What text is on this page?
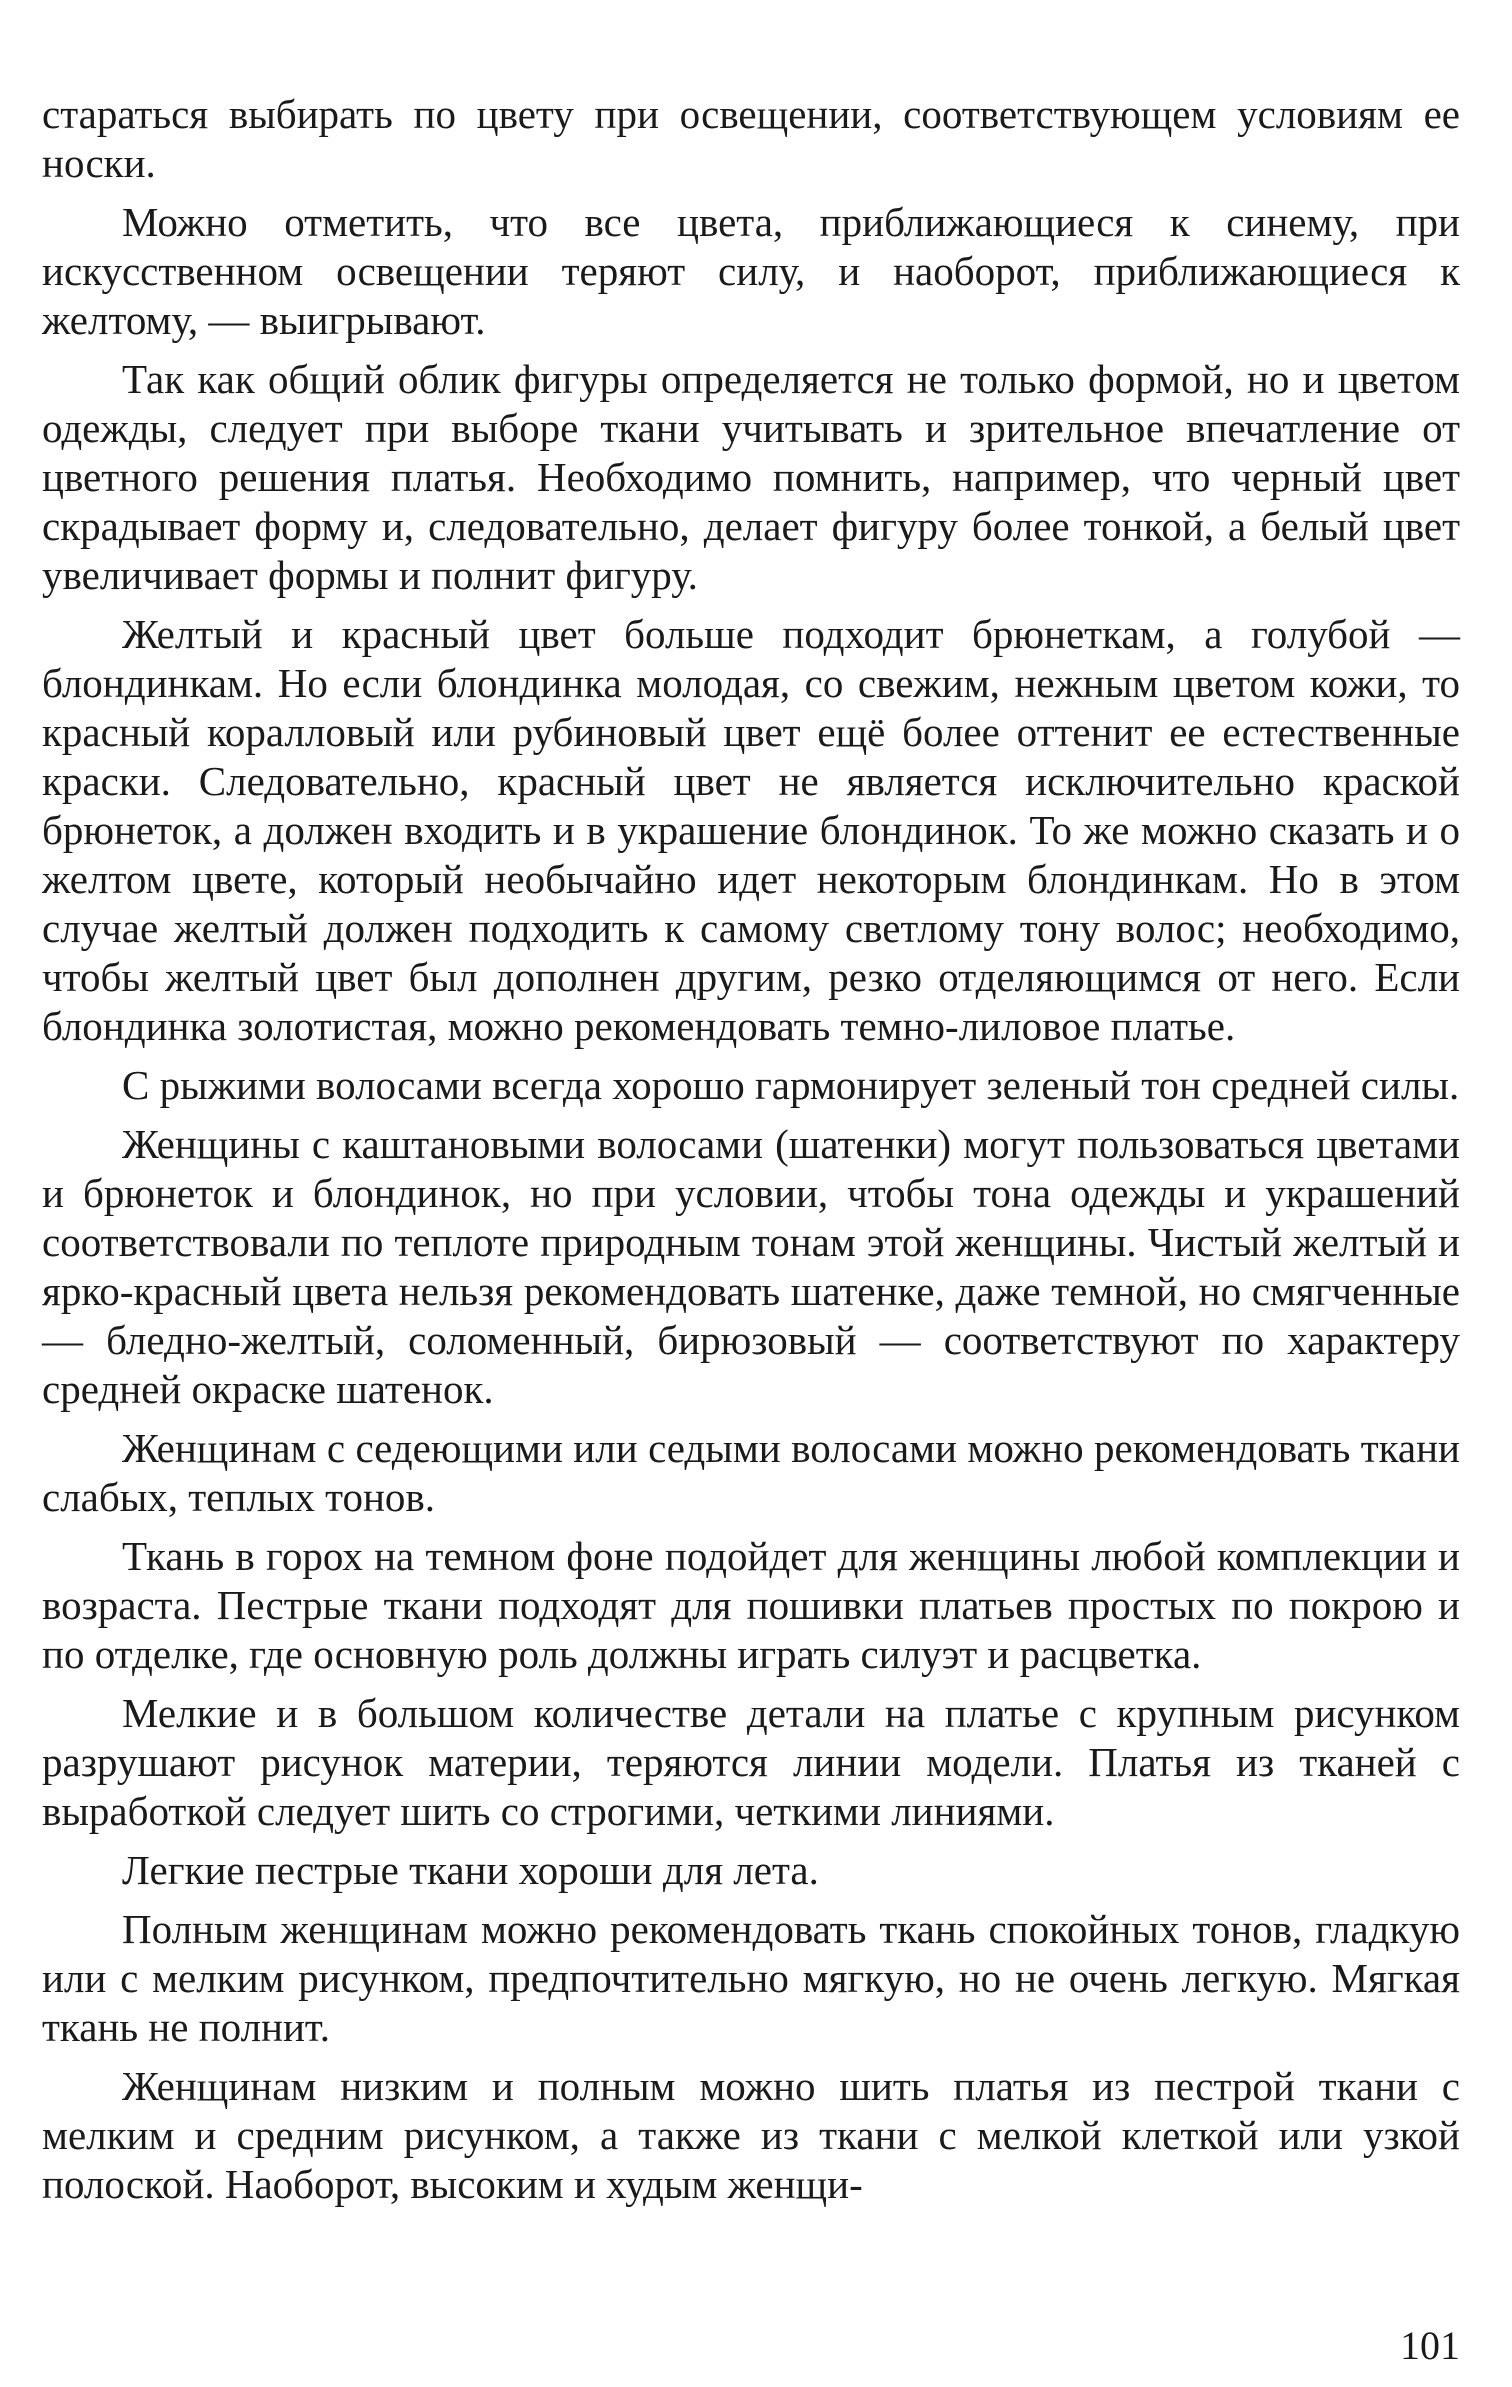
стараться выбирать по цвету при освещении, соответствующем условиям ее носки.

Можно отметить, что все цвета, приближающиеся к синему, при искусственном освещении теряют силу, и наоборот, приближающиеся к желтому, — выигрывают.

Так как общий облик фигуры определяется не только формой, но и цветом одежды, следует при выборе ткани учитывать и зрительное впечатление от цветного решения платья. Необходимо помнить, например, что черный цвет скрадывает форму и, следовательно, делает фигуру более тонкой, а белый цвет увеличивает формы и полнит фигуру.

Желтый и красный цвет больше подходит брюнеткам, а голубой — блондинкам. Но если блондинка молодая, со свежим, нежным цветом кожи, то красный коралловый или рубиновый цвет ещё более оттенит ее естественные краски. Следовательно, красный цвет не является исключительно краской брюнеток, а должен входить и в украшение блондинок. То же можно сказать и о желтом цвете, который необычайно идет некоторым блондинкам. Но в этом случае желтый должен подходить к самому светлому тону волос; необходимо, чтобы желтый цвет был дополнен другим, резко отделяющимся от него. Если блондинка золотистая, можно рекомендовать темно-лиловое платье.

С рыжими волосами всегда хорошо гармонирует зеленый тон средней силы.

Женщины с каштановыми волосами (шатенки) могут пользоваться цветами и брюнеток и блондинок, но при условии, чтобы тона одежды и украшений соответствовали по теплоте природным тонам этой женщины. Чистый желтый и ярко-красный цвета нельзя рекомендовать шатенке, даже темной, но смягченные — бледно-желтый, соломенный, бирюзовый — соответствуют по характеру средней окраске шатенок.

Женщинам с седеющими или седыми волосами можно рекомендовать ткани слабых, теплых тонов.

Ткань в горох на темном фоне подойдет для женщины любой комплекции и возраста. Пестрые ткани подходят для пошивки платьев простых по покрою и по отделке, где основную роль должны играть силуэт и расцветка.

Мелкие и в большом количестве детали на платье с крупным рисунком разрушают рисунок материи, теряются линии модели. Платья из тканей с выработкой следует шить со строгими, четкими линиями.

Легкие пестрые ткани хороши для лета.

Полным женщинам можно рекомендовать ткань спокойных тонов, гладкую или с мелким рисунком, предпочтительно мягкую, но не очень легкую. Мягкая ткань не полнит.

Женщинам низким и полным можно шить платья из пестрой ткани с мелким и средним рисунком, а также из ткани с мелкой клеткой или узкой полоской. Наоборот, высоким и худым женщи-

101
